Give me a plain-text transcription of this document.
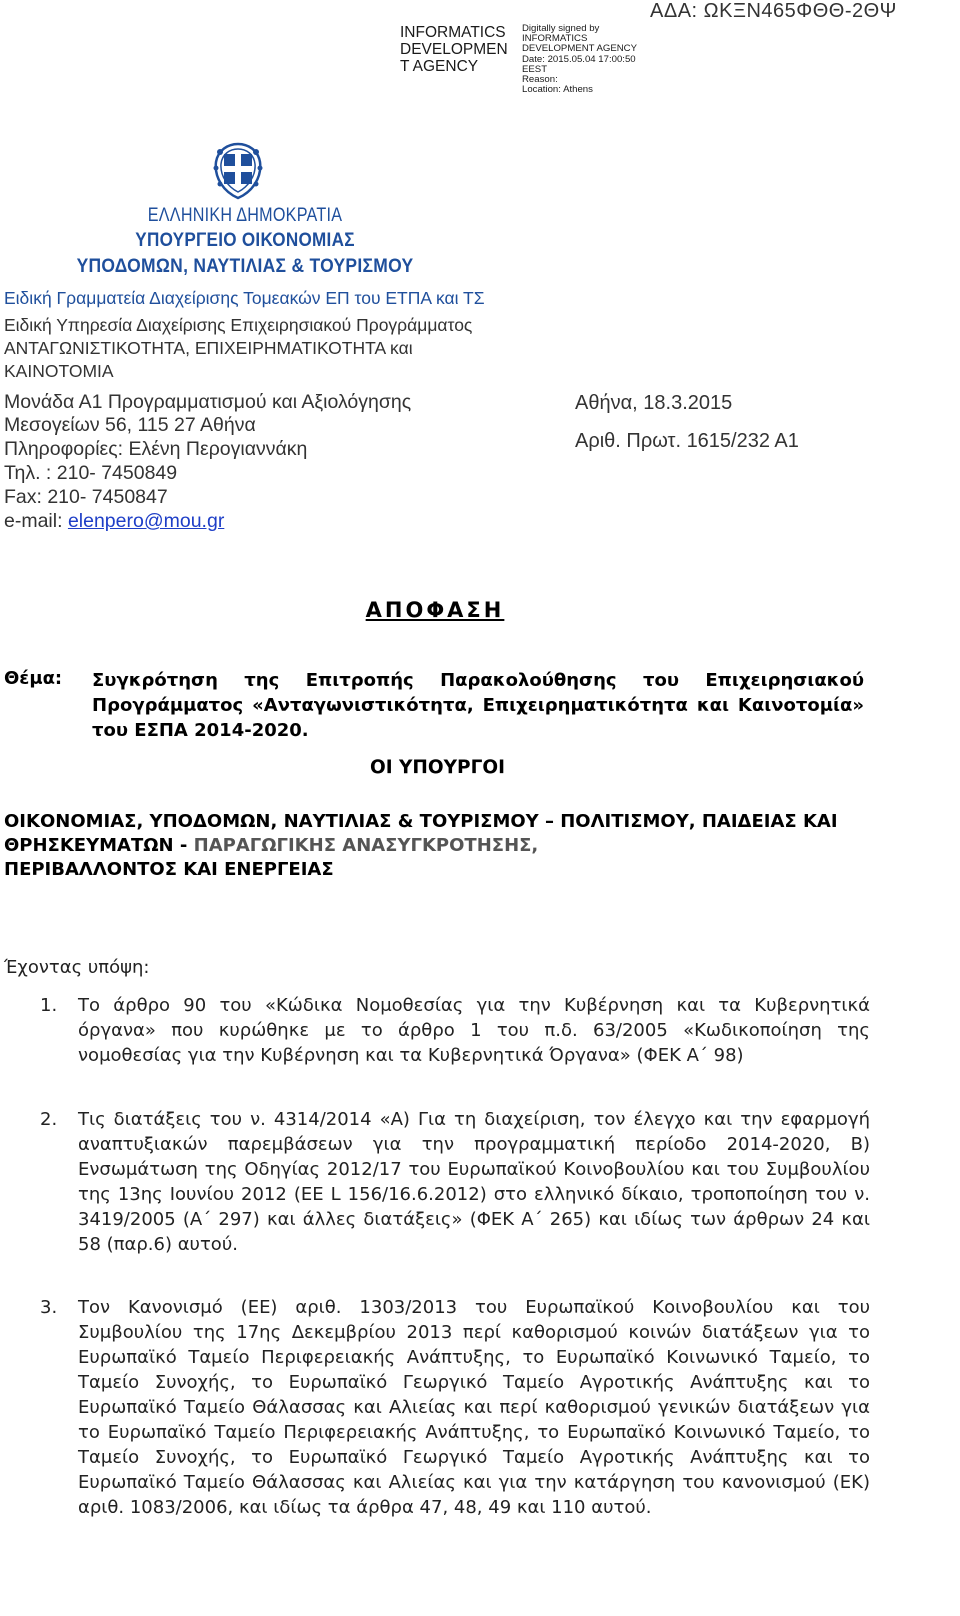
INFORMATICS DEVELOPMEN T AGENCY
Digitally signed by
INFORMATICS DEVELOPMENT AGENCY
Date: 2015.05.04 17:00:50
EEST
Reason:
Location: Athens
ΑΔΑ: ΩΚΞΝ465ΦΘΘ-2ΘΨ
ΕΛΛΗΝΙΚΗ ΔΗΜΟΚΡΑΤΙΑ
ΥΠΟΥΡΓΕΙΟ ΟΙΚΟΝΟΜΙΑΣ
ΥΠΟΔΟΜΩΝ, ΝΑΥΤΙΛΙΑΣ & ΤΟΥΡΙΣΜΟΥ
Ειδική Γραμματεία Διαχείρισης Τομεακών ΕΠ του ΕΤΠΑ και ΤΣ
Ειδική Υπηρεσία Διαχείρισης Επιχειρησιακού Προγράμματος
ΑΝΤΑΓΩΝΙΣΤΙΚΟΤΗΤΑ, ΕΠΙΧΕΙΡΗΜΑΤΙΚΟΤΗΤΑ και
ΚΑΙΝΟΤΟΜΙΑ
Μονάδα Α1 Προγραμματισμού και Αξιολόγησης
Μεσογείων 56, 115 27 Αθήνα
Πληροφορίες: Ελένη Περογιαννάκη
Τηλ. : 210- 7450849
Fax: 210- 7450847
e-mail: elenpero@mou.gr
Αθήνα, 18.3.2015
Αριθ. Πρωτ. 1615/232 Α1
ΑΠΟΦΑΣΗ
Θέμα: Συγκρότηση της Επιτροπής Παρακολούθησης του Επιχειρησιακού Προγράμματος «Ανταγωνιστικότητα, Επιχειρηματικότητα και Καινοτομία» του ΕΣΠΑ 2014-2020.
ΟΙ ΥΠΟΥΡΓΟΙ
ΟΙΚΟΝΟΜΙΑΣ, ΥΠΟΔΟΜΩΝ, ΝΑΥΤΙΛΙΑΣ & ΤΟΥΡΙΣΜΟΥ – ΠΟΛΙΤΙΣΜΟΥ, ΠΑΙΔΕΙΑΣ ΚΑΙ ΘΡΗΣΚΕΥΜΑΤΩΝ - ΠΑΡΑΓΩΓΙΚΗΣ ΑΝΑΣΥΓΚΡΟΤΗΣΗΣ,
ΠΕΡΙΒΑΛΛΟΝΤΟΣ ΚΑΙ ΕΝΕΡΓΕΙΑΣ
Έχοντας υπόψη:
1. Το άρθρο 90 του «Κώδικα Νομοθεσίας για την Κυβέρνηση και τα Κυβερνητικά όργανα» που κυρώθηκε με το άρθρο 1 του π.δ. 63/2005 «Κωδικοποίηση της νομοθεσίας για την Κυβέρνηση και τα Κυβερνητικά Όργανα» (ΦΕΚ Α΄ 98)
2. Τις διατάξεις του ν. 4314/2014 «Α) Για τη διαχείριση, τον έλεγχο και την εφαρμογή αναπτυξιακών παρεμβάσεων για την προγραμματική περίοδο 2014-2020, Β) Ενσωμάτωση της Οδηγίας 2012/17 του Ευρωπαϊκού Κοινοβουλίου και του Συμβουλίου της 13ης Ιουνίου 2012 (ΕΕ L 156/16.6.2012) στο ελληνικό δίκαιο, τροποποίηση του ν. 3419/2005 (Α΄ 297) και άλλες διατάξεις» (ΦΕΚ Α΄ 265) και ιδίως των άρθρων 24 και 58 (παρ.6) αυτού.
3. Τον Κανονισμό (ΕΕ) αριθ. 1303/2013 του Ευρωπαϊκού Κοινοβουλίου και του Συμβουλίου της 17ης Δεκεμβρίου 2013 περί καθορισμού κοινών διατάξεων για το Ευρωπαϊκό Ταμείο Περιφερειακής Ανάπτυξης, το Ευρωπαϊκό Κοινωνικό Ταμείο, το Ταμείο Συνοχής, το Ευρωπαϊκό Γεωργικό Ταμείο Αγροτικής Ανάπτυξης και το Ευρωπαϊκό Ταμείο Θάλασσας και Αλιείας και περί καθορισμού γενικών διατάξεων για το Ευρωπαϊκό Ταμείο Περιφερειακής Ανάπτυξης, το Ευρωπαϊκό Κοινωνικό Ταμείο, το Ταμείο Συνοχής, το Ευρωπαϊκό Γεωργικό Ταμείο Αγροτικής Ανάπτυξης και το Ευρωπαϊκό Ταμείο Θάλασσας και Αλιείας και για την κατάργηση του κανονισμού (ΕΚ) αριθ. 1083/2006, και ιδίως τα άρθρα 47, 48, 49 και 110 αυτού.
